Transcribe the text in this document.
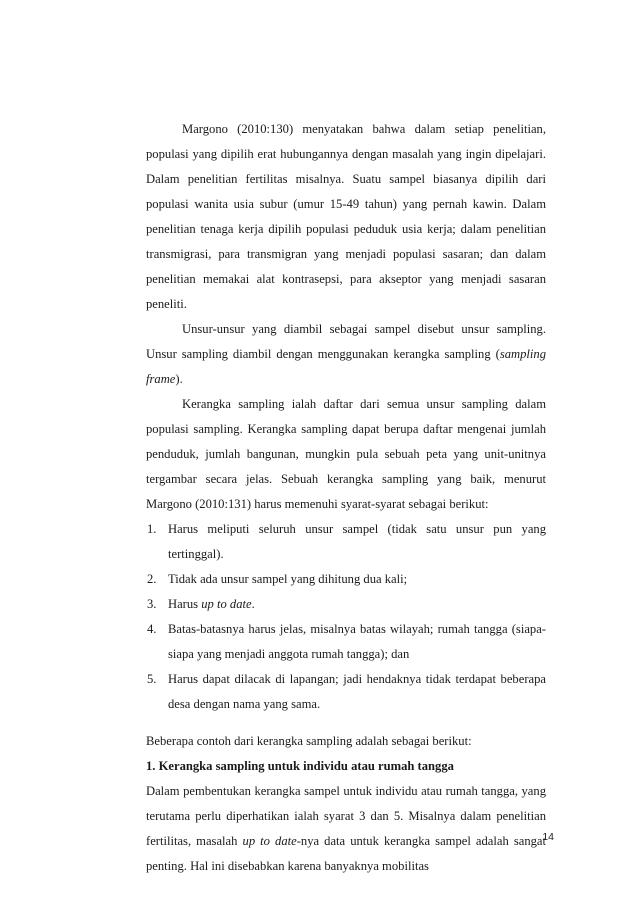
Margono (2010:130) menyatakan bahwa dalam setiap penelitian, populasi yang dipilih erat hubungannya dengan masalah yang ingin dipelajari. Dalam penelitian fertilitas misalnya. Suatu sampel biasanya dipilih dari populasi wanita usia subur (umur 15-49 tahun) yang pernah kawin. Dalam penelitian tenaga kerja dipilih populasi peduduk usia kerja; dalam penelitian transmigrasi, para transmigran yang menjadi populasi sasaran; dan dalam penelitian memakai alat kontrasepsi, para akseptor yang menjadi sasaran peneliti.

Unsur-unsur yang diambil sebagai sampel disebut unsur sampling. Unsur sampling diambil dengan menggunakan kerangka sampling (sampling frame).

Kerangka sampling ialah daftar dari semua unsur sampling dalam populasi sampling. Kerangka sampling dapat berupa daftar mengenai jumlah penduduk, jumlah bangunan, mungkin pula sebuah peta yang unit-unitnya tergambar secara jelas. Sebuah kerangka sampling yang baik, menurut Margono (2010:131) harus memenuhi syarat-syarat sebagai berikut:

1. Harus meliputi seluruh unsur sampel (tidak satu unsur pun yang tertinggal).
2. Tidak ada unsur sampel yang dihitung dua kali;
3. Harus up to date.
4. Batas-batasnya harus jelas, misalnya batas wilayah; rumah tangga (siapa-siapa yang menjadi anggota rumah tangga); dan
5. Harus dapat dilacak di lapangan; jadi hendaknya tidak terdapat beberapa desa dengan nama yang sama.

Beberapa contoh dari kerangka sampling adalah sebagai berikut:

1. Kerangka sampling untuk individu atau rumah tangga

Dalam pembentukan kerangka sampel untuk individu atau rumah tangga, yang terutama perlu diperhatikan ialah syarat 3 dan 5. Misalnya dalam penelitian fertilitas, masalah up to date-nya data untuk kerangka sampel adalah sangat penting. Hal ini disebabkan karena banyaknya mobilitas

14
